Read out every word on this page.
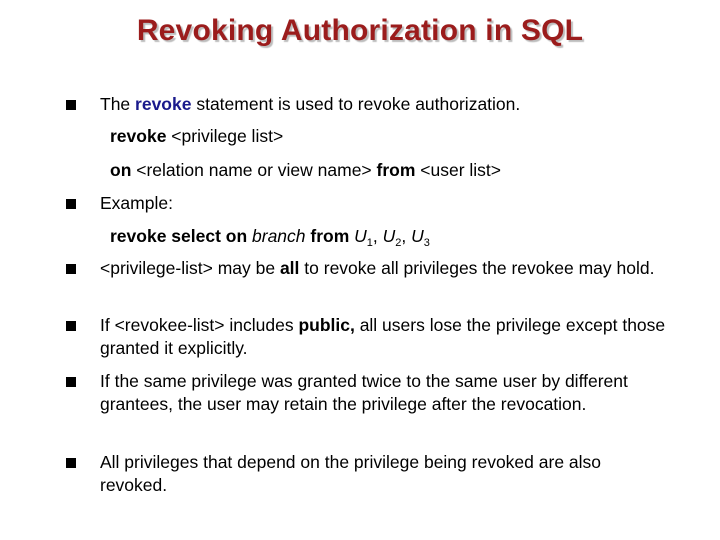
Revoking Authorization in SQL
The revoke statement is used to revoke authorization.
revoke <privilege list>
on <relation name or view name> from <user list>
Example:
revoke select on branch from $U_1$, $U_2$, $U_3$
<privilege-list> may be all to revoke all privileges the revokee may hold.
If <revokee-list> includes public, all users lose the privilege except those granted it explicitly.
If the same privilege was granted twice to the same user by different grantees, the user may retain the privilege after the revocation.
All privileges that depend on the privilege being revoked are also revoked.
